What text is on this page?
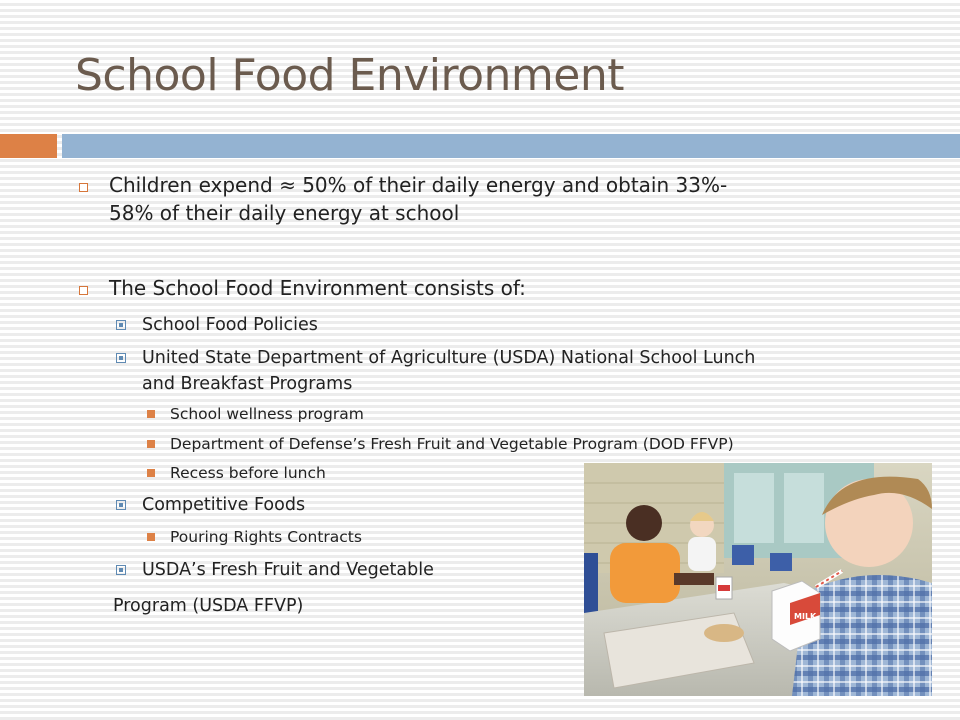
School Food Environment
Children expend ≈ 50% of their daily energy and obtain 33%-
58% of their daily energy at school
The School Food Environment consists of:
School Food Policies
United State Department of Agriculture (USDA) National School Lunch
and Breakfast Programs
School wellness program
Department of Defense’s Fresh Fruit and Vegetable Program (DOD FFVP)
Recess before lunch
Competitive Foods
Pouring Rights Contracts
USDA’s Fresh Fruit and Vegetable
Program (USDA FFVP)
MILK
